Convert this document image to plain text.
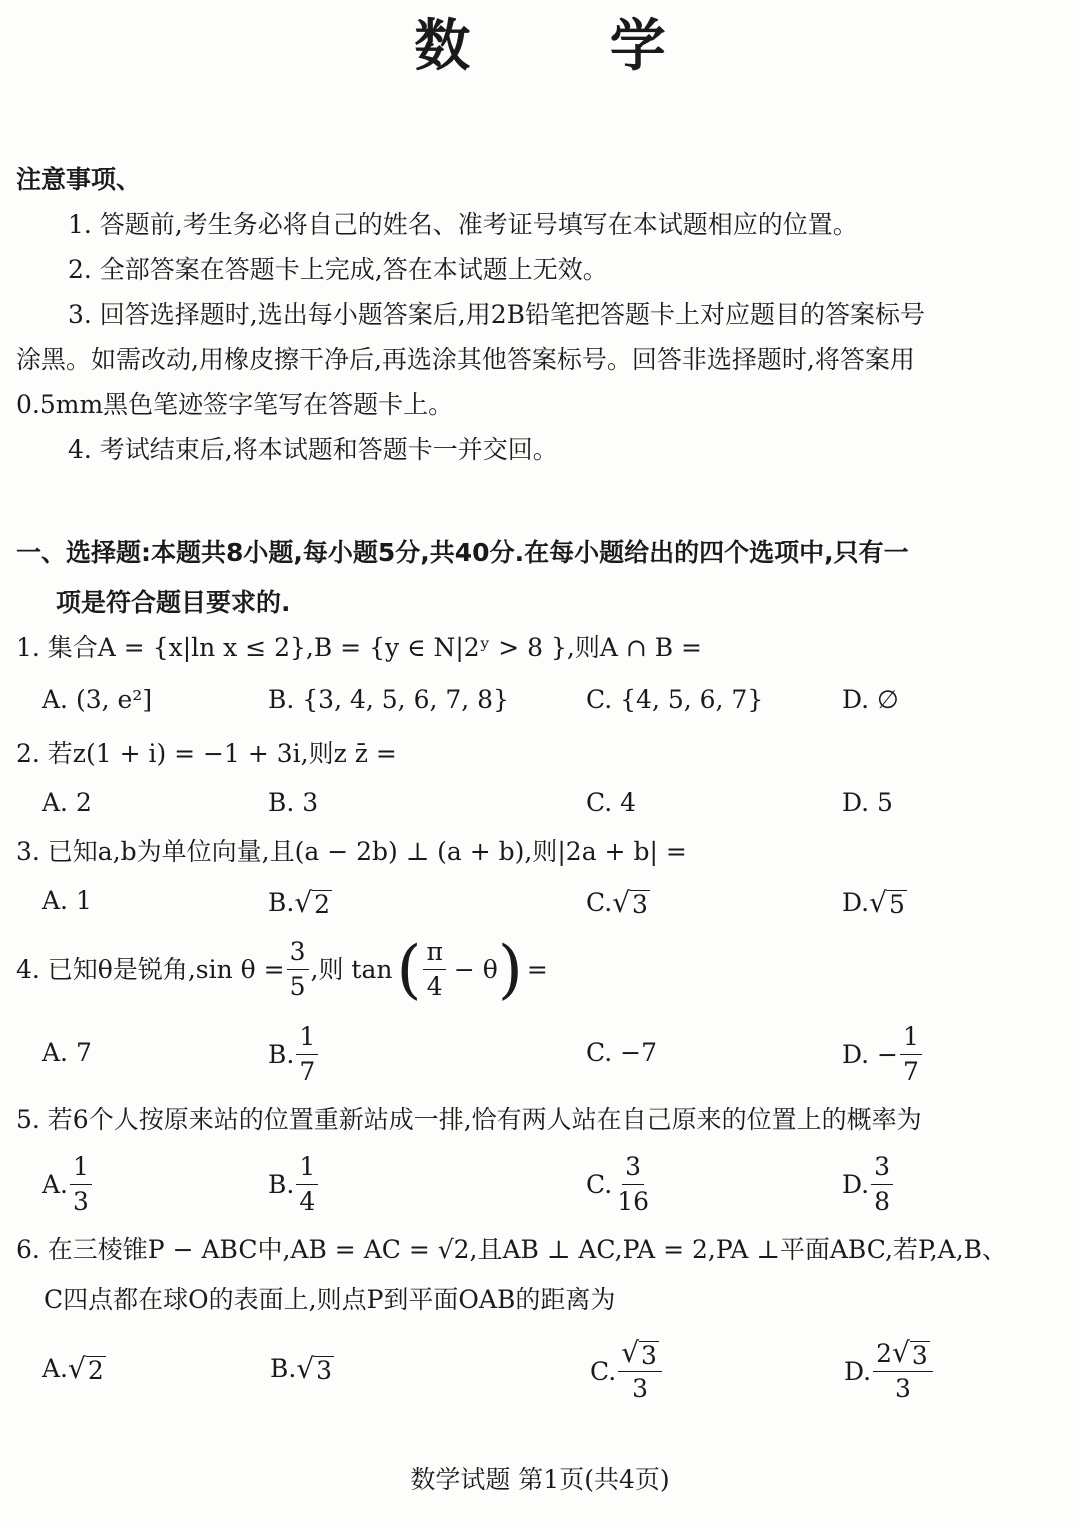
数 学
注意事项、
1. 答题前,考生务必将自己的姓名、准考证号填写在本试题相应的位置。
2. 全部答案在答题卡上完成,答在本试题上无效。
3. 回答选择题时,选出每小题答案后,用2B铅笔把答题卡上对应题目的答案标号
涂黑。如需改动,用橡皮擦干净后,再选涂其他答案标号。回答非选择题时,将答案用
0.5mm黑色笔迹签字笔写在答题卡上。
4. 考试结束后,将本试题和答题卡一并交回。
一、选择题:本题共8小题,每小题5分,共40分.在每小题给出的四个选项中,只有一
项是符合题目要求的.
1. 集合A = {x|ln x ≤ 2},B = {y ∈ N|2ʸ > 8 },则A ∩ B =
A. (3, e²]	B. {3, 4, 5, 6, 7, 8}	C. {4, 5, 6, 7}	D. ∅
2. 若z(1 + i) = −1 + 3i,则z z̄ =
A. 2	B. 3	C. 4	D. 5
3. 已知a,b为单位向量,且(a − 2b) ⊥ (a + b),则|2a + b| =
A. 1	B. √ 2	C. √ 3	D. √ 5
4. 已知θ是锐角,sin $\theta = \frac{3}{5}$ ,则 tan ( $\frac{\pi}{4} - \theta$ ) =
A. 7	B. $\frac{1}{7}$	C. −7	D. − $\frac{1}{7}$
5. 若6个人按原来站的位置重新站成一排,恰有两人站在自己原来的位置上的概率为
A. $\frac{1}{3}$	B. $\frac{1}{4}$	C. $\frac{3}{16}$	D. $\frac{3}{8}$
6. 在三棱锥P − ABC中,AB = AC = √2,且AB ⊥ AC,PA = 2,PA ⊥平面ABC,若P,A,B、
C四点都在球O的表面上,则点P到平面OAB的距离为
A. √ 2	B. √ 3	C. $\frac{√ 3}{3}$	D. $\frac{2 √ 3}{3}$
数学试题 第1页(共4页)
